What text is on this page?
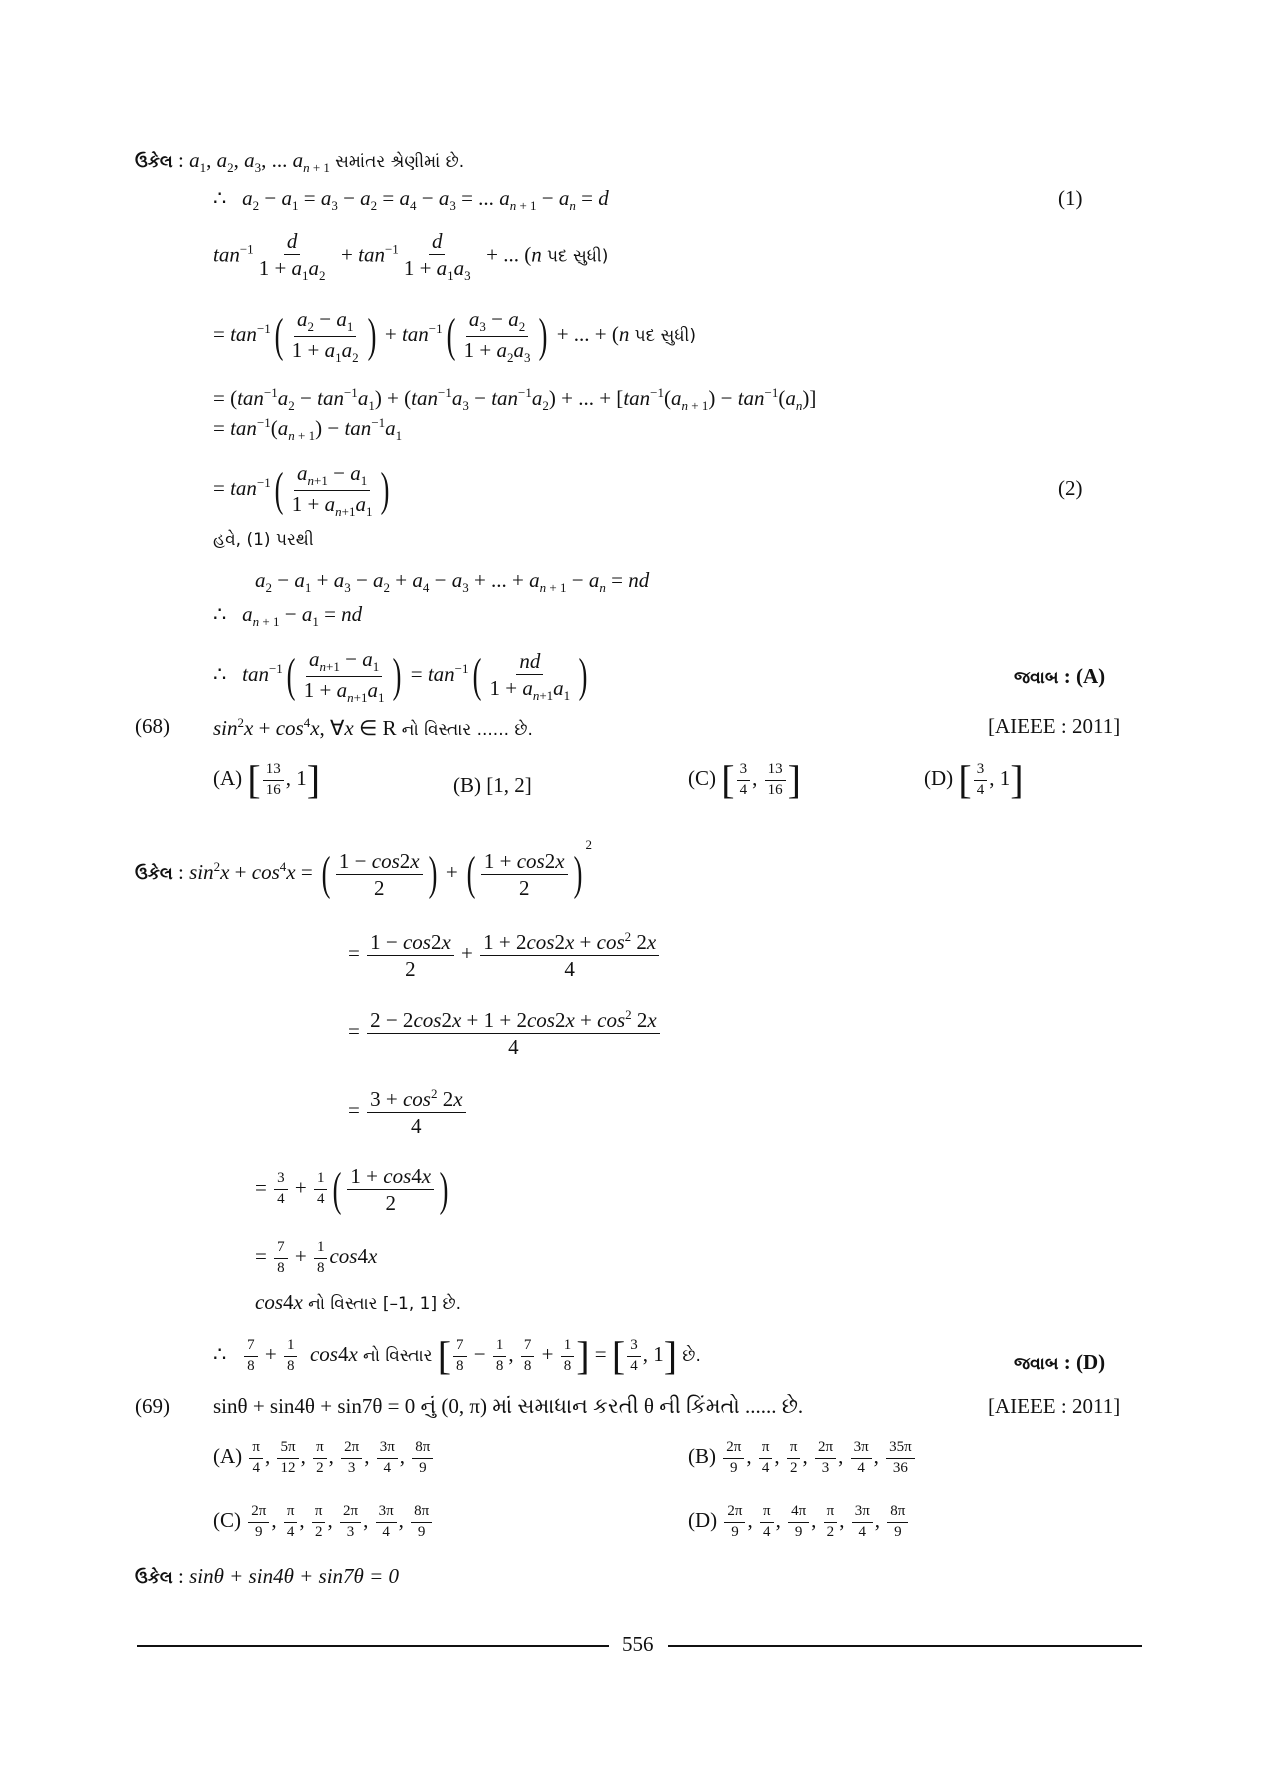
ઉકેલ : $a_1$, $a_2$, $a_3$, ... $a_{n + 1}$ સમાંતર શ્રેણીમાં છે.
∴   $a_2 - a_1 = a_3 - a_2 = a_4 - a_3$ = ... $a_{n + 1} - a_n = d$	(1)
$\tan^{-1} \frac{d}{1 + a_1a_2} + \tan^{-1} \frac{d}{1 + a_1a_3}$ + ... (n પદ સુધી)
= $\tan^{-1}( \frac{a_2 - a_1}{1 + a_1a_2}$ ) + $\tan^{-1}( \frac{a_3 - a_2}{1 + a_2a_3}$ ) + ... + (n પદ સુધી)
= $(\tan^{-1}a_2 - \tan^{-1}a_1) + (\tan^{-1}a_3 - \tan^{-1}a_2)$ + ... + $[\tan^{-1}(a_{n + 1}) - \tan^{-1}(a_n)]$
= $\tan^{-1}(a_{n + 1}) - \tan^{-1}a_1$
= $\tan^{-1}( \frac{a_{n+1} - a_1}{1 + a_{n+1}a_1}$ )	(2)
હવે, (1) પરથી
$a_2 - a_1 + a_3 - a_2 + a_4 - a_3$ + ... + $a_{n + 1} - a_n$ = nd
∴   $a_{n + 1} - a_1$ = nd
∴   $\tan^{-1}( \frac{a_{n+1} - a_1}{1 + a_{n+1}a_1}$ ) = $\tan^{-1}( \frac{nd}{1 + a_{n+1}a_1}$ )	જવાબ : (A)
(68) $\sin^2x + \cos^4x$, ∀x ∈ R નો વિસ્તાર ...... છે.	[AIEEE : 2011]
(A) [ $\frac{13}{16}$ , 1]	(B) [1, 2]	(C) [ $\frac{3}{4}$ , $\frac{13}{16}$ ]	(D) [ $\frac{3}{4}$ , 1]
ઉકેલ : $\sin^2x + \cos^4x$ = ( $\frac{1 - \cos 2x}{2}$ ) + ( $\frac{1 + \cos 2x}{2} )^2$
= $\frac{1 - \cos 2x}{2} + \frac{1 + 2\cos 2x + \cos^2 2x}{4}$
= $\frac{2 - 2\cos 2x + 1 + 2\cos 2x + \cos^2 2x}{4}$
= $\frac{3 + \cos^2 2x}{4}$
= $\frac{3}{4} + \frac{1}{4}$ ( $\frac{1 + \cos 4x}{2}$ )
= $\frac{7}{8} + \frac{1}{8} \cos 4x$
cos4x નો વિસ્તાર [–1, 1] છે.
∴ $\frac{7}{8} + \frac{1}{8} \cos 4x$ નો વિસ્તાર [ $\frac{7}{8} - \frac{1}{8}$ , $\frac{7}{8} + \frac{1}{8}$ ] = [ $\frac{3}{4}$ , 1] છે.	જવાબ : (D)
(69) sinθ + sin4θ + sin7θ = 0 નું (0, π) માં સમાધાન કરતી θ ની કિંમતો ...... છે.	[AIEEE : 2011]
$(A) \frac{\pi}{4}$ , $\frac{5\pi}{12}$ , $\frac{\pi}{2}$ , $\frac{2\pi}{3}$ , $\frac{3\pi}{4}$ , $\frac{8\pi}{9}$	$(B) \frac{2\pi}{9}$ , $\frac{\pi}{4}$ , $\frac{\pi}{2}$ , $\frac{2\pi}{3}$ , $\frac{3\pi}{4}$ , $\frac{35\pi}{36}$
$(C) \frac{2\pi}{9}$ , $\frac{\pi}{4}$ , $\frac{\pi}{2}$ , $\frac{2\pi}{3}$ , $\frac{3\pi}{4}$ , $\frac{8\pi}{9}$	$(D) \frac{2\pi}{9}$ , $\frac{\pi}{4}$ , $\frac{4\pi}{9}$ , $\frac{\pi}{2}$ , $\frac{3\pi}{4}$ , $\frac{8\pi}{9}$
ઉકેલ : sinθ + sin4θ + sin7θ = 0
556
